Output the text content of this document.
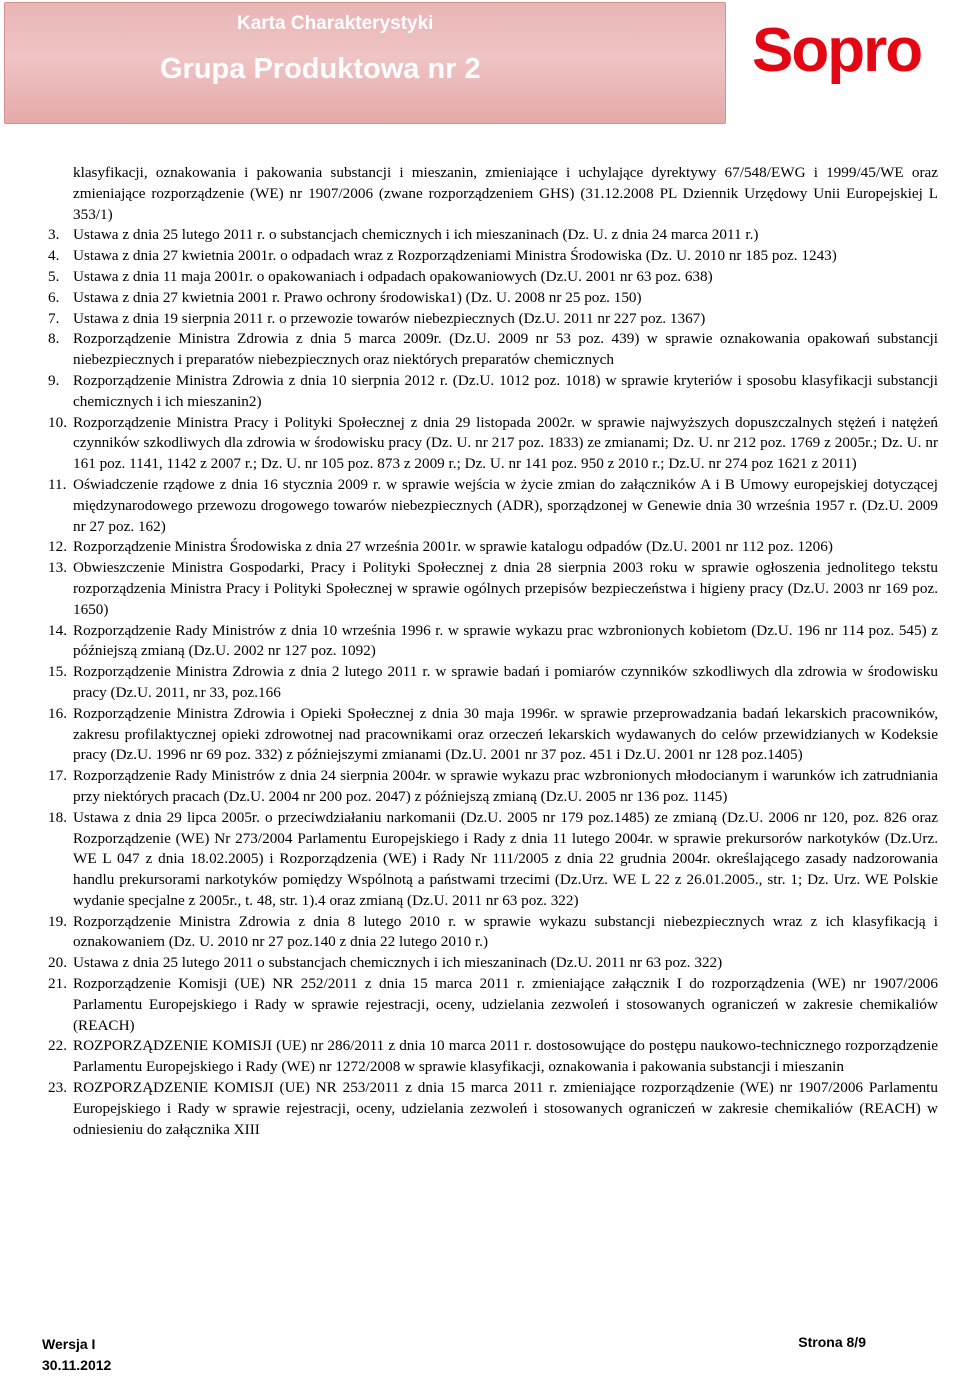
Karta Charakterystyki
Grupa Produktowa nr 2	Sopro

klasyfikacji, oznakowania i pakowania substancji i mieszanin, zmieniające i uchylające dyrektywy 67/548/EWG i 1999/45/WE oraz zmieniające rozporządzenie (WE) nr 1907/2006 (zwane rozporządzeniem GHS) (31.12.2008 PL Dziennik Urzędowy Unii Europejskiej L 353/1)

3. Ustawa z dnia 25 lutego 2011 r. o substancjach chemicznych i ich mieszaninach (Dz. U. z dnia 24 marca 2011 r.)
4. Ustawa z dnia 27 kwietnia 2001r. o odpadach wraz z Rozporządzeniami Ministra Środowiska (Dz. U. 2010 nr 185 poz. 1243)
5. Ustawa z dnia 11 maja 2001r. o opakowaniach i odpadach opakowaniowych (Dz.U. 2001 nr 63 poz. 638)
6. Ustawa z dnia 27 kwietnia 2001 r. Prawo ochrony środowiska1) (Dz. U. 2008 nr 25 poz. 150)
7. Ustawa z dnia 19 sierpnia 2011 r. o przewozie towarów niebezpiecznych (Dz.U. 2011 nr 227 poz. 1367)
8. Rozporządzenie Ministra Zdrowia z dnia 5 marca 2009r. (Dz.U. 2009 nr 53 poz. 439) w sprawie oznakowania opakowań substancji niebezpiecznych i preparatów niebezpiecznych oraz niektórych preparatów chemicznych
9. Rozporządzenie Ministra Zdrowia z dnia 10 sierpnia 2012 r. (Dz.U. 1012 poz. 1018) w sprawie kryteriów i sposobu klasyfikacji substancji chemicznych i ich mieszanin2)
10. Rozporządzenie Ministra Pracy i Polityki Społecznej z dnia 29 listopada 2002r. w sprawie najwyższych dopuszczalnych stężeń i natężeń czynników szkodliwych dla zdrowia w środowisku pracy (Dz. U. nr 217 poz. 1833) ze zmianami; Dz. U. nr 212 poz. 1769 z 2005r.; Dz. U. nr 161 poz. 1141, 1142 z 2007 r.; Dz. U. nr 105 poz. 873 z 2009 r.; Dz. U. nr 141 poz. 950 z 2010 r.; Dz.U. nr 274 poz 1621 z 2011)
11. Oświadczenie rządowe z dnia 16 stycznia 2009 r. w sprawie wejścia w życie zmian do załączników A i B Umowy europejskiej dotyczącej międzynarodowego przewozu drogowego towarów niebezpiecznych (ADR), sporządzonej w Genewie dnia 30 września 1957 r. (Dz.U. 2009 nr 27 poz. 162)
12. Rozporządzenie Ministra Środowiska z dnia 27 września 2001r. w sprawie katalogu odpadów (Dz.U. 2001 nr 112 poz. 1206)
13. Obwieszczenie Ministra Gospodarki, Pracy i Polityki Społecznej z dnia 28 sierpnia 2003 roku w sprawie ogłoszenia jednolitego tekstu rozporządzenia Ministra Pracy i Polityki Społecznej w sprawie ogólnych przepisów bezpieczeństwa i higieny pracy (Dz.U. 2003 nr 169 poz. 1650)
14. Rozporządzenie Rady Ministrów z dnia 10 września 1996 r. w sprawie wykazu prac wzbronionych kobietom (Dz.U. 196 nr 114 poz. 545) z późniejszą zmianą (Dz.U. 2002 nr 127 poz. 1092)
15. Rozporządzenie Ministra Zdrowia z dnia 2 lutego 2011 r. w sprawie badań i pomiarów czynników szkodliwych dla zdrowia w środowisku pracy (Dz.U. 2011, nr 33, poz.166
16. Rozporządzenie Ministra Zdrowia i Opieki Społecznej z dnia 30 maja 1996r. w sprawie przeprowadzania badań lekarskich pracowników, zakresu profilaktycznej opieki zdrowotnej nad pracownikami oraz orzeczeń lekarskich wydawanych do celów przewidzianych w Kodeksie pracy (Dz.U. 1996 nr 69 poz. 332) z późniejszymi zmianami (Dz.U. 2001 nr 37 poz. 451 i Dz.U. 2001 nr 128 poz.1405)
17. Rozporządzenie Rady Ministrów z dnia 24 sierpnia 2004r. w sprawie wykazu prac wzbronionych młodocianym i warunków ich zatrudniania przy niektórych pracach (Dz.U. 2004 nr 200 poz. 2047) z późniejszą zmianą (Dz.U. 2005 nr 136 poz. 1145)
18. Ustawa z dnia 29 lipca 2005r. o przeciwdziałaniu narkomanii (Dz.U. 2005 nr 179 poz.1485) ze zmianą (Dz.U. 2006 nr 120, poz. 826 oraz Rozporządzenie (WE) Nr 273/2004 Parlamentu Europejskiego i Rady z dnia 11 lutego 2004r. w sprawie prekursorów narkotyków (Dz.Urz. WE L 047 z dnia 18.02.2005) i Rozporządzenia (WE) i Rady Nr 111/2005 z dnia 22 grudnia 2004r. określającego zasady nadzorowania handlu prekursorami narkotyków pomiędzy Wspólnotą a państwami trzecimi (Dz.Urz. WE L 22 z 26.01.2005., str. 1; Dz. Urz. WE Polskie wydanie specjalne z 2005r., t. 48, str. 1).4 oraz zmianą (Dz.U. 2011 nr 63 poz. 322)
19. Rozporządzenie Ministra Zdrowia z dnia 8 lutego 2010 r. w sprawie wykazu substancji niebezpiecznych wraz z ich klasyfikacją i oznakowaniem (Dz. U. 2010 nr 27 poz.140 z dnia 22 lutego 2010 r.)
20. Ustawa z dnia 25 lutego 2011 o substancjach chemicznych i ich mieszaninach (Dz.U. 2011 nr 63 poz. 322)
21. Rozporządzenie Komisji (UE) NR 252/2011 z dnia 15 marca 2011 r. zmieniające załącznik I do rozporządzenia (WE) nr 1907/2006 Parlamentu Europejskiego i Rady w sprawie rejestracji, oceny, udzielania zezwoleń i stosowanych ograniczeń w zakresie chemikaliów (REACH)
22. ROZPORZĄDZENIE KOMISJI (UE) nr 286/2011 z dnia 10 marca 2011 r. dostosowujące do postępu naukowo-technicznego rozporządzenie Parlamentu Europejskiego i Rady (WE) nr 1272/2008 w sprawie klasyfikacji, oznakowania i pakowania substancji i mieszanin
23. ROZPORZĄDZENIE KOMISJI (UE) NR 253/2011 z dnia 15 marca 2011 r. zmieniające rozporządzenie (WE) nr 1907/2006 Parlamentu Europejskiego i Rady w sprawie rejestracji, oceny, udzielania zezwoleń i stosowanych ograniczeń w zakresie chemikaliów (REACH) w odniesieniu do załącznika XIII
Wersja I
30.11.2012
Strona 8/9
